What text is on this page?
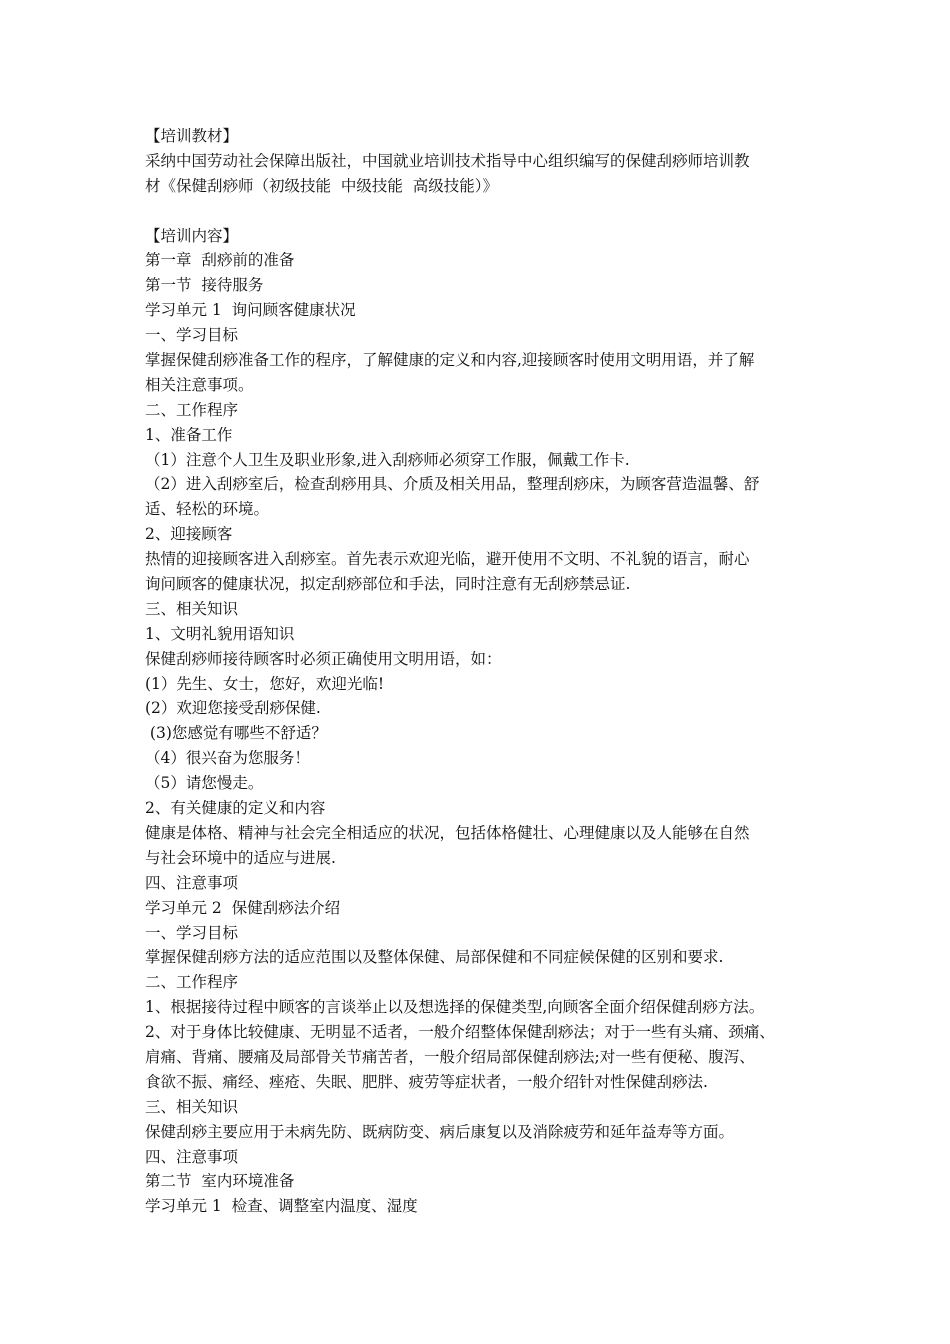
【培训教材】
采纳中国劳动社会保障出版社，中国就业培训技术指导中心组织编写的保健刮痧师培训教
材《保健刮痧师（初级技能  中级技能  高级技能）》
【培训内容】
第一章  刮痧前的准备
第一节  接待服务
学习单元 1  询问顾客健康状况
一、学习目标
掌握保健刮痧准备工作的程序，了解健康的定义和内容,迎接顾客时使用文明用语，并了解
相关注意事项。
二、工作程序
1、准备工作
（1）注意个人卫生及职业形象,进入刮痧师必须穿工作服，佩戴工作卡.
（2）进入刮痧室后，检查刮痧用具、介质及相关用品，整理刮痧床，为顾客营造温馨、舒
适、轻松的环境。
2、迎接顾客
热情的迎接顾客进入刮痧室。首先表示欢迎光临，避开使用不文明、不礼貌的语言，耐心
询问顾客的健康状况，拟定刮痧部位和手法，同时注意有无刮痧禁忌证.
三、相关知识
1、文明礼貌用语知识
保健刮痧师接待顾客时必须正确使用文明用语，如：
(1）先生、女士，您好，欢迎光临!
(2）欢迎您接受刮痧保健.
(3)您感觉有哪些不舒适？
（4）很兴奋为您服务！
（5）请您慢走。
2、有关健康的定义和内容
健康是体格、精神与社会完全相适应的状况，包括体格健壮、心理健康以及人能够在自然
与社会环境中的适应与进展.
四、注意事项
学习单元 2  保健刮痧法介绍
一、学习目标
掌握保健刮痧方法的适应范围以及整体保健、局部保健和不同症候保健的区别和要求.
二、工作程序
1、根据接待过程中顾客的言谈举止以及想选择的保健类型,向顾客全面介绍保健刮痧方法。
2、对于身体比较健康、无明显不适者，一般介绍整体保健刮痧法；对于一些有头痛、颈痛、
肩痛、背痛、腰痛及局部骨关节痛苦者，一般介绍局部保健刮痧法;对一些有便秘、腹泻、
食欲不振、痛经、痤疮、失眠、肥胖、疲劳等症状者，一般介绍针对性保健刮痧法.
三、相关知识
保健刮痧主要应用于未病先防、既病防变、病后康复以及消除疲劳和延年益寿等方面。
四、注意事项
第二节  室内环境准备
学习单元 1  检查、调整室内温度、湿度
